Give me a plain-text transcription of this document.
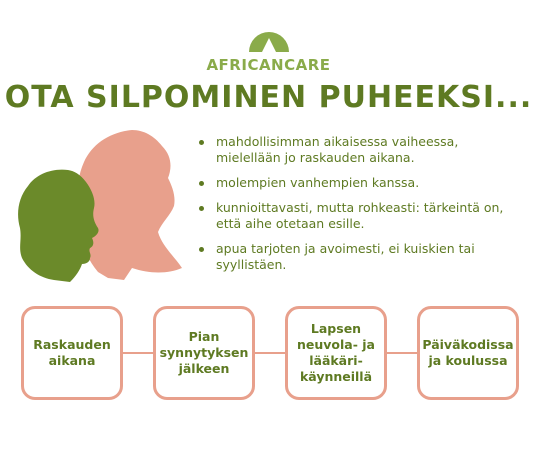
AFRICANCARE
OTA SILPOMINEN PUHEEKSI...
mahdollisimman aikaisessa vaiheessa, mielellään jo raskauden aikana.
molempien vanhempien kanssa.
kunnioittavasti, mutta rohkeasti: tärkeintä on, että aihe otetaan esille.
apua tarjoten ja avoimesti, ei kuiskien tai syyllistäen.
Raskauden aikana
Pian synnytyksen jälkeen
Lapsen neuvola- ja lääkäri-käynneillä
Päiväkodissa ja koulussa
